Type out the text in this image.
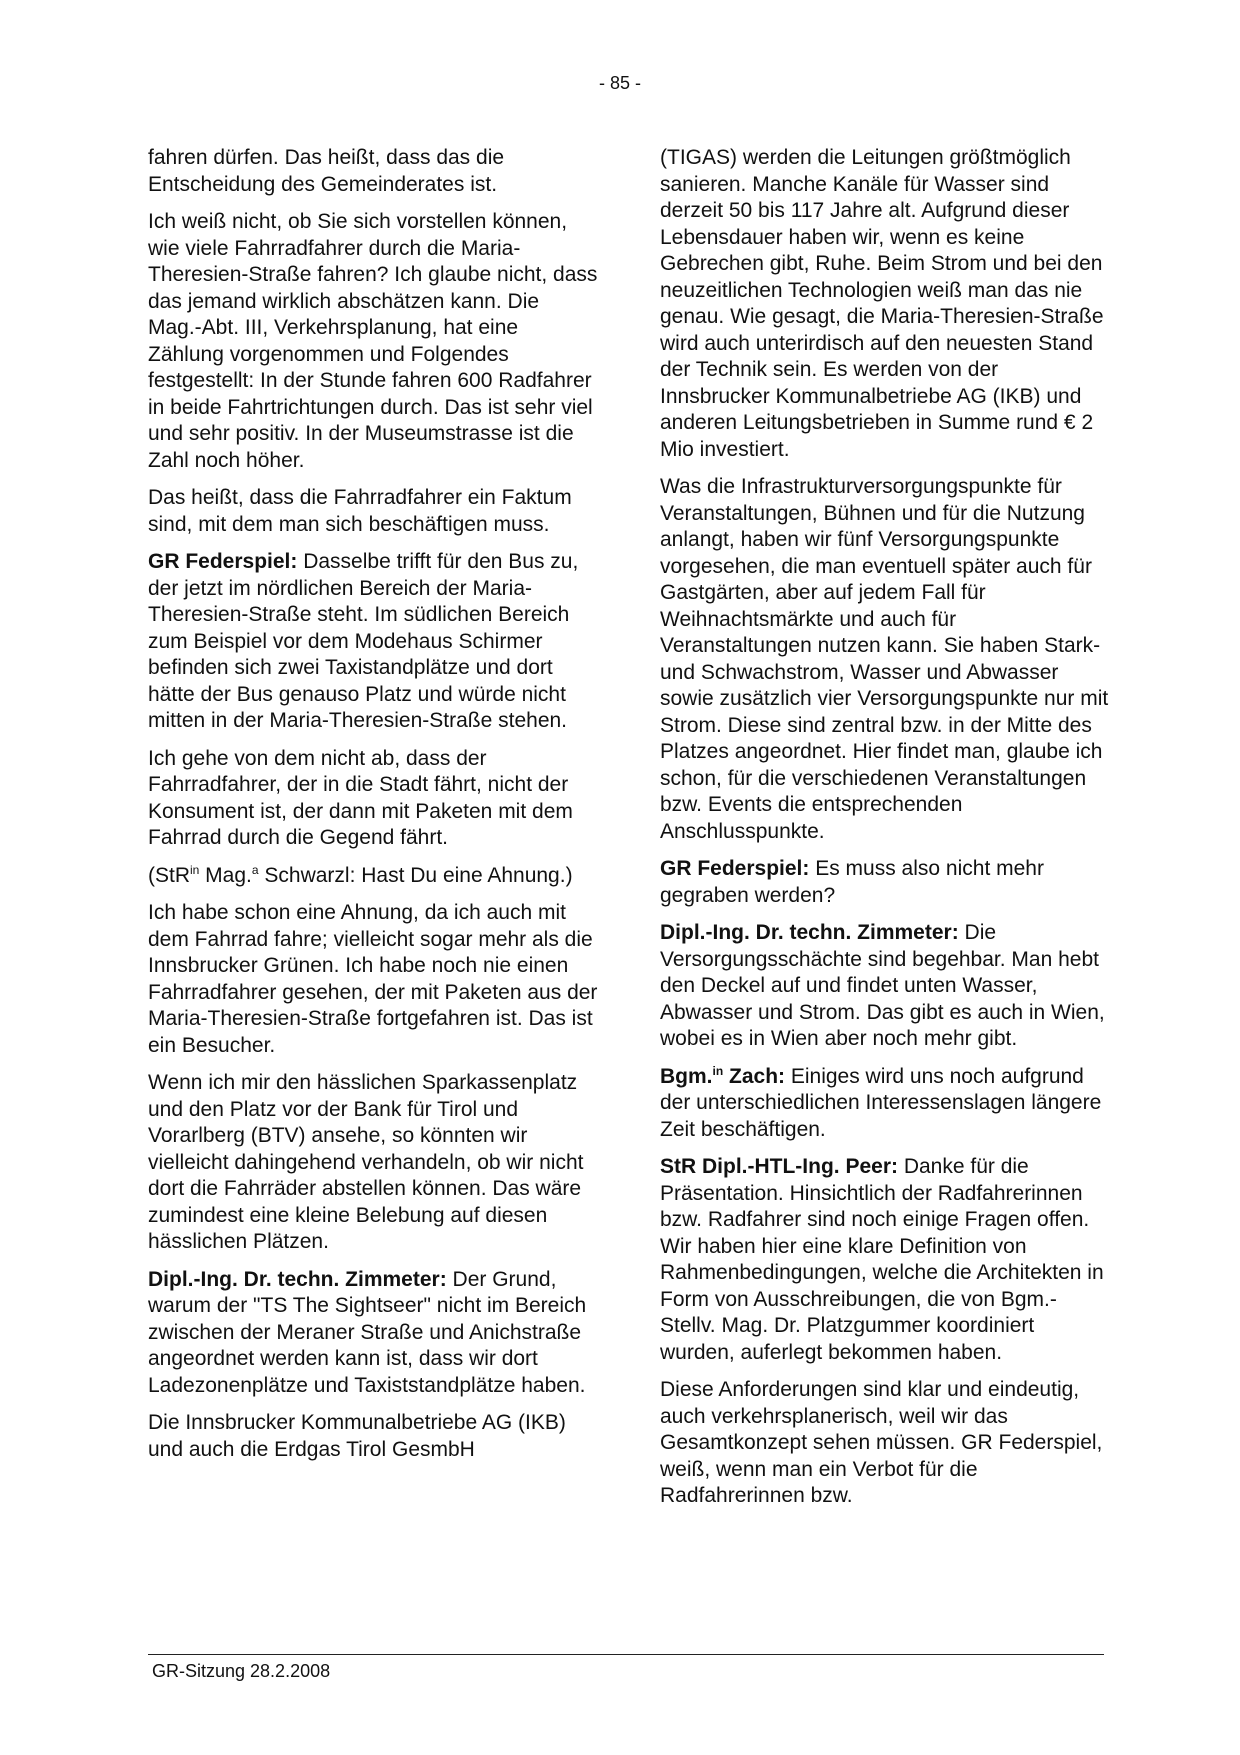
- 85 -

fahren dürfen. Das heißt, dass das die Entscheidung des Gemeinderates ist.

Ich weiß nicht, ob Sie sich vorstellen können, wie viele Fahrradfahrer durch die Maria-Theresien-Straße fahren? Ich glaube nicht, dass das jemand wirklich abschätzen kann. Die Mag.-Abt. III, Verkehrsplanung, hat eine Zählung vorgenommen und Folgendes festgestellt: In der Stunde fahren 600 Radfahrer in beide Fahrtrichtungen durch. Das ist sehr viel und sehr positiv. In der Museumstrasse ist die Zahl noch höher.

Das heißt, dass die Fahrradfahrer ein Faktum sind, mit dem man sich beschäftigen muss.

GR Federspiel: Dasselbe trifft für den Bus zu, der jetzt im nördlichen Bereich der Maria-Theresien-Straße steht. Im südlichen Bereich zum Beispiel vor dem Modehaus Schirmer befinden sich zwei Taxistandplätze und dort hätte der Bus genauso Platz und würde nicht mitten in der Maria-Theresien-Straße stehen.

Ich gehe von dem nicht ab, dass der Fahrradfahrer, der in die Stadt fährt, nicht der Konsument ist, der dann mit Paketen mit dem Fahrrad durch die Gegend fährt.

(StR$^{in}$ Mag.$^a$ Schwarzl: Hast Du eine Ahnung.)

Ich habe schon eine Ahnung, da ich auch mit dem Fahrrad fahre; vielleicht sogar mehr als die Innsbrucker Grünen. Ich habe noch nie einen Fahrradfahrer gesehen, der mit Paketen aus der Maria-Theresien-Straße fortgefahren ist. Das ist ein Besucher.

Wenn ich mir den hässlichen Sparkassenplatz und den Platz vor der Bank für Tirol und Vorarlberg (BTV) ansehe, so könnten wir vielleicht dahingehend verhandeln, ob wir nicht dort die Fahrräder abstellen können. Das wäre zumindest eine kleine Belebung auf diesen hässlichen Plätzen.

Dipl.-Ing. Dr. techn. Zimmeter: Der Grund, warum der "TS The Sightseer" nicht im Bereich zwischen der Meraner Straße und Anichstraße angeordnet werden kann ist, dass wir dort Ladezonenplätze und Taxiststandplätze haben.

Die Innsbrucker Kommunalbetriebe AG (IKB) und auch die Erdgas Tirol GesmbH

(TIGAS) werden die Leitungen größtmöglich sanieren. Manche Kanäle für Wasser sind derzeit 50 bis 117 Jahre alt. Aufgrund dieser Lebensdauer haben wir, wenn es keine Gebrechen gibt, Ruhe. Beim Strom und bei den neuzeitlichen Technologien weiß man das nie genau. Wie gesagt, die Maria-Theresien-Straße wird auch unterirdisch auf den neuesten Stand der Technik sein. Es werden von der Innsbrucker Kommunalbetriebe AG (IKB) und anderen Leitungsbetrieben in Summe rund € 2 Mio investiert.

Was die Infrastrukturversorgungspunkte für Veranstaltungen, Bühnen und für die Nutzung anlangt, haben wir fünf Versorgungspunkte vorgesehen, die man eventuell später auch für Gastgärten, aber auf jedem Fall für Weihnachtsmärkte und auch für Veranstaltungen nutzen kann. Sie haben Stark- und Schwachstrom, Wasser und Abwasser sowie zusätzlich vier Versorgungspunkte nur mit Strom. Diese sind zentral bzw. in der Mitte des Platzes angeordnet. Hier findet man, glaube ich schon, für die verschiedenen Veranstaltungen bzw. Events die entsprechenden Anschlusspunkte.

GR Federspiel: Es muss also nicht mehr gegraben werden?

Dipl.-Ing. Dr. techn. Zimmeter: Die Versorgungsschächte sind begehbar. Man hebt den Deckel auf und findet unten Wasser, Abwasser und Strom. Das gibt es auch in Wien, wobei es in Wien aber noch mehr gibt.

Bgm.$^{in}$ Zach: Einiges wird uns noch aufgrund der unterschiedlichen Interessenslagen längere Zeit beschäftigen.

StR Dipl.-HTL-Ing. Peer: Danke für die Präsentation. Hinsichtlich der Radfahrerinnen bzw. Radfahrer sind noch einige Fragen offen. Wir haben hier eine klare Definition von Rahmenbedingungen, welche die Architekten in Form von Ausschreibungen, die von Bgm.-Stellv. Mag. Dr. Platzgummer koordiniert wurden, auferlegt bekommen haben.

Diese Anforderungen sind klar und eindeutig, auch verkehrsplanerisch, weil wir das Gesamtkonzept sehen müssen. GR Federspiel, weiß, wenn man ein Verbot für die Radfahrerinnen bzw.

GR-Sitzung 28.2.2008
